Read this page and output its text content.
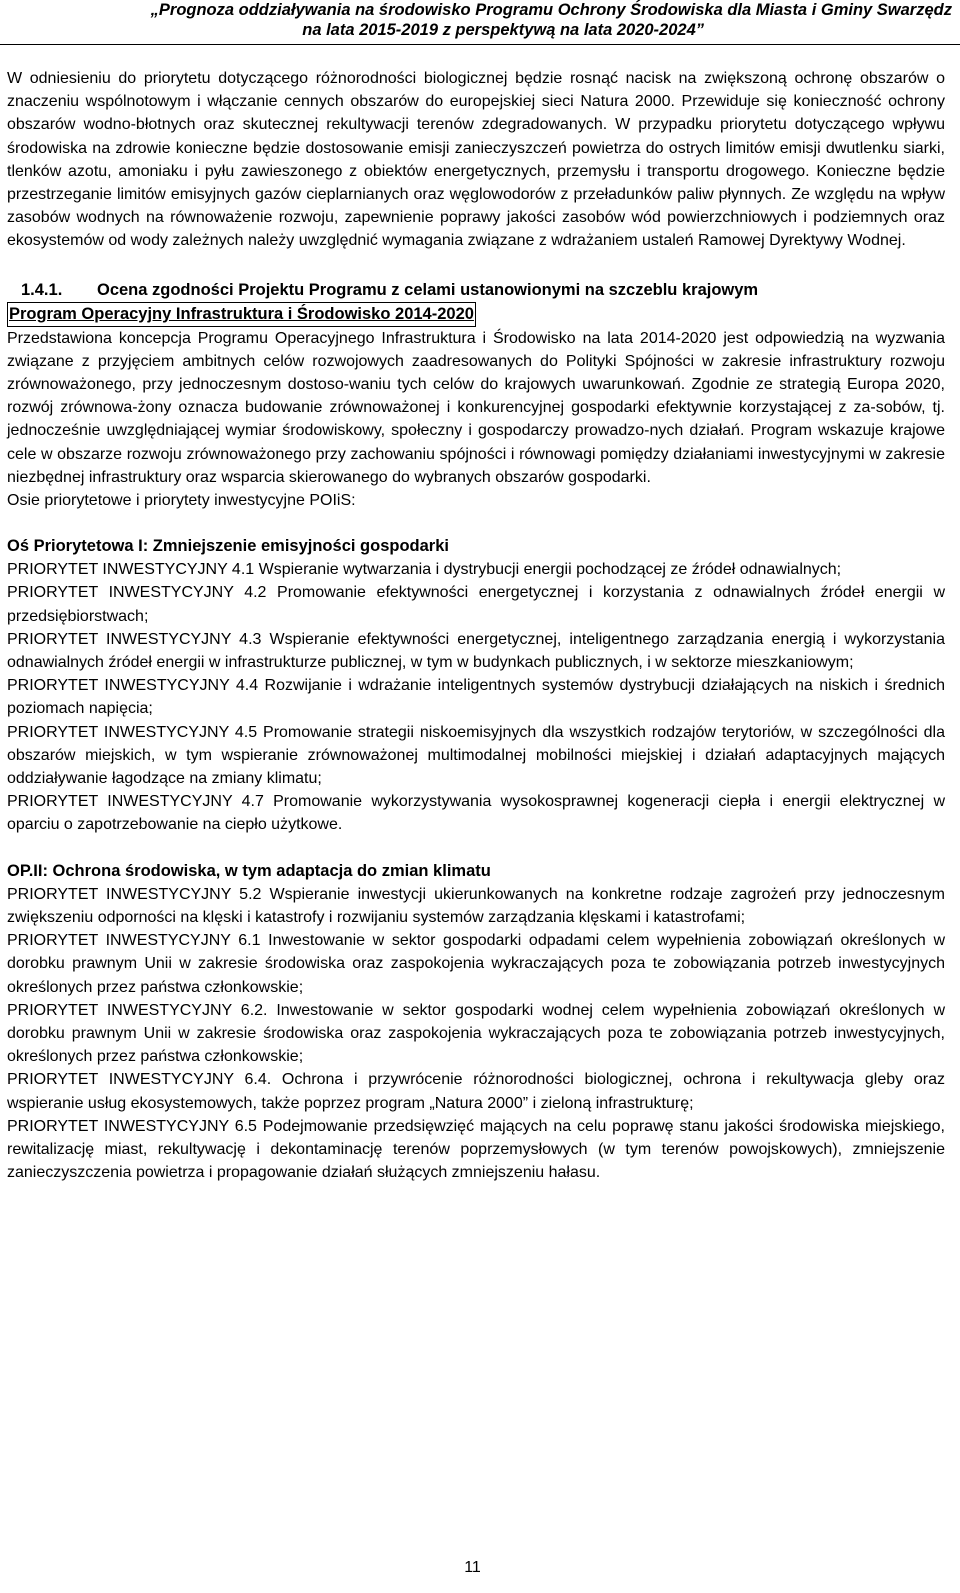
„Prognoza oddziaływania na środowisko Programu Ochrony Środowiska dla Miasta i Gminy Swarzędz
na lata 2015-2019 z perspektywą na lata 2020-2024”

W odniesieniu do priorytetu dotyczącego różnorodności biologicznej będzie rosnąć nacisk na zwiększoną ochronę obszarów o znaczeniu wspólnotowym i włączanie cennych obszarów do europejskiej sieci Natura 2000. Przewiduje się konieczność ochrony obszarów wodno-błotnych oraz skutecznej rekultywacji terenów zdegradowanych. W przypadku priorytetu dotyczącego wpływu środowiska na zdrowie konieczne będzie dostosowanie emisji zanieczyszczeń powietrza do ostrych limitów emisji dwutlenku siarki, tlenków azotu, amoniaku i pyłu zawieszonego z obiektów energetycznych, przemysłu i transportu drogowego. Konieczne będzie przestrzeganie limitów emisyjnych gazów cieplarnianych oraz węglowodorów z przeładunków paliw płynnych. Ze względu na wpływ zasobów wodnych na równoważenie rozwoju, zapewnienie poprawy jakości zasobów wód powierzchniowych i podziemnych oraz ekosystemów od wody zależnych należy uwzględnić wymagania związane z wdrażaniem ustaleń Ramowej Dyrektywy Wodnej.

1.4.1. Ocena zgodności Projektu Programu z celami ustanowionymi na szczeblu krajowym
Program Operacyjny Infrastruktura i Środowisko 2014-2020

Przedstawiona koncepcja Programu Operacyjnego Infrastruktura i Środowisko na lata 2014-2020 jest odpowiedzią na wyzwania związane z przyjęciem ambitnych celów rozwojowych zaadresowanych do Polityki Spójności w zakresie infrastruktury rozwoju zrównoważonego, przy jednoczesnym dostoso-waniu tych celów do krajowych uwarunkowań. Zgodnie ze strategią Europa 2020, rozwój zrównowa-żony oznacza budowanie zrównoważonej i konkurencyjnej gospodarki efektywnie korzystającej z za-sobów, tj. jednocześnie uwzględniającej wymiar środowiskowy, społeczny i gospodarczy prowadzo-nych działań. Program wskazuje krajowe cele w obszarze rozwoju zrównoważonego przy zachowaniu spójności i równowagi pomiędzy działaniami inwestycyjnymi w zakresie niezbędnej infrastruktury oraz wsparcia skierowanego do wybranych obszarów gospodarki.

Osie priorytetowe i priorytety inwestycyjne POIiS:

Oś Priorytetowa I: Zmniejszenie emisyjności gospodarki

PRIORYTET INWESTYCYJNY 4.1 Wspieranie wytwarzania i dystrybucji energii pochodzącej ze źródeł odnawialnych;

PRIORYTET INWESTYCYJNY 4.2 Promowanie efektywności energetycznej i korzystania z odnawialnych źródeł energii w przedsiębiorstwach;

PRIORYTET INWESTYCYJNY 4.3 Wspieranie efektywności energetycznej, inteligentnego zarządzania energią i wykorzystania odnawialnych źródeł energii w infrastrukturze publicznej, w tym w budynkach publicznych, i w sektorze mieszkaniowym;

PRIORYTET INWESTYCYJNY 4.4 Rozwijanie i wdrażanie inteligentnych systemów dystrybucji działających na niskich i średnich poziomach napięcia;

PRIORYTET INWESTYCYJNY 4.5 Promowanie strategii niskoemisyjnych dla wszystkich rodzajów terytoriów, w szczególności dla obszarów miejskich, w tym wspieranie zrównoważonej multimodalnej mobilności miejskiej i działań adaptacyjnych mających oddziaływanie łagodzące na zmiany klimatu;

PRIORYTET INWESTYCYJNY 4.7 Promowanie wykorzystywania wysokosprawnej kogeneracji ciepła i energii elektrycznej w oparciu o zapotrzebowanie na ciepło użytkowe.

OP.II: Ochrona środowiska, w tym adaptacja do zmian klimatu

PRIORYTET INWESTYCYJNY 5.2 Wspieranie inwestycji ukierunkowanych na konkretne rodzaje zagrożeń przy jednoczesnym zwiększeniu odporności na klęski i katastrofy i rozwijaniu systemów zarządzania klęskami i katastrofami;

PRIORYTET INWESTYCYJNY 6.1 Inwestowanie w sektor gospodarki odpadami celem wypełnienia zobowiązań określonych w dorobku prawnym Unii w zakresie środowiska oraz zaspokojenia wykraczających poza te zobowiązania potrzeb inwestycyjnych określonych przez państwa członkowskie;

PRIORYTET INWESTYCYJNY 6.2. Inwestowanie w sektor gospodarki wodnej celem wypełnienia zobowiązań określonych w dorobku prawnym Unii w zakresie środowiska oraz zaspokojenia wykraczających poza te zobowiązania potrzeb inwestycyjnych, określonych przez państwa członkowskie;

PRIORYTET INWESTYCYJNY 6.4. Ochrona i przywrócenie różnorodności biologicznej, ochrona i rekultywacja gleby oraz wspieranie usług ekosystemowych, także poprzez program „Natura 2000” i zieloną infrastrukturę;

PRIORYTET INWESTYCYJNY 6.5 Podejmowanie przedsięwzięć mających na celu poprawę stanu jakości środowiska miejskiego, rewitalizację miast, rekultywację i dekontaminację terenów poprzemysłowych (w tym terenów powojskowych), zmniejszenie zanieczyszczenia powietrza i propagowanie działań służących zmniejszeniu hałasu.

11
